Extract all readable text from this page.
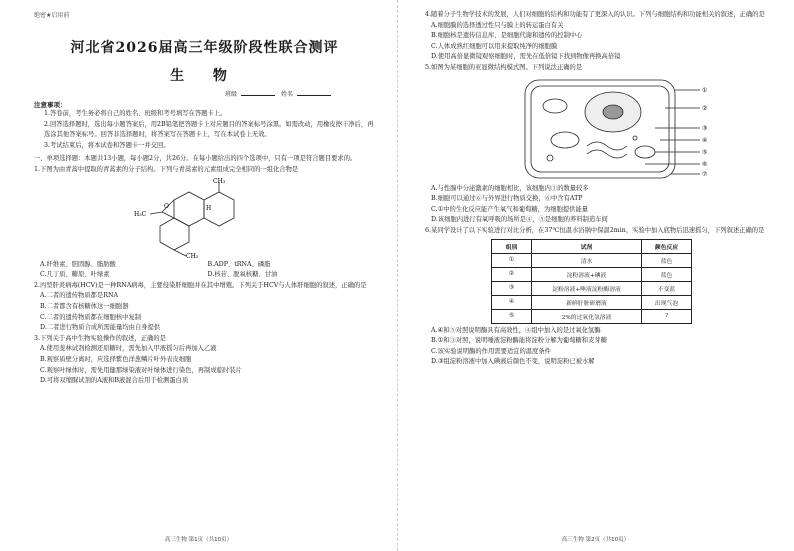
绝密★启用前
河北省2026届高三年级阶段性联合测评
生 物
班级	姓名
注意事项：

1.答卷前，考生务必将自己的姓名、班级和考号填写在答题卡上。

2.回答选择题时，选出每小题答案后，用2B铅笔把答题卡上对应题目的答案标号涂黑。如需改动，用橡皮擦干净后，再选涂其他答案标号。回答非选择题时，将答案写在答题卡上，写在本试卷上无效。

3.考试结束后，将本试卷和答题卡一并交回。

一、单项选择题：本题共13小题，每小题2分，共26分。在每小题给出的四个选项中，只有一项是符合题目要求的。

1.下图为由青蒿中提取的青蒿素的分子结构。下列与青蒿素的元素组成完全相同的一组化合物是

CH₃
H₃C
CH₃
H
O
A.纤维素、胆固醇、脂肪酸	B.ADP、tRNA、磷脂
C.几丁质、糖原、叶绿素	D.核苷、脱氧核糖、甘油

2.丙型肝炎病毒(HCV)是一种RNA病毒，主要侵染肝细胞并在其中增殖。下列关于HCV与人体肝细胞的叙述，正确的是

A.二者的遗传物质都是RNA
B.二者都含有核糖体这一细胞器
C.二者的遗传物质都在细胞核中复制
D.二者进行物质合成所需能量均由自身提供

3.下列关于高中生物实验操作的叙述，正确的是

A.使用斐林试剂检测还原糖时，需先加入甲液摇匀后再加入乙液
B.观察质壁分离时，应选择紫色洋葱鳞片叶外表皮细胞
C.观察叶绿体时，需先用健那绿染液对叶绿体进行染色，再制成临时装片
D.可将双缩脲试剂的A液和B液混合后用于检测蛋白质
高三生物 第1页（共10页）

4.随着分子生物学技术的发展，人们对细胞的结构和功能有了更深入的认识。下列与细胞结构和功能相关的叙述，正确的是

A.细胞膜的选择透过性只与膜上的转运蛋白有关
B.细胞核是遗传信息库，是细胞代谢和遗传的控制中心
C.人体成熟红细胞可以用来提取纯净的细胞膜
D.使用高倍显微镜观察细胞时，需先在低倍镜下找到物像再换高倍镜

5.如图为某细胞的亚显微结构模式图。下列说法正确的是

①
②
③
④
⑤
⑥
⑦
A.与性腺中分泌激素的细胞相比，该细胞内③的数量较多
B.细胞可以通过⑥与外界进行物质交换，⑥中含有ATP
C.①中的生化反应能产生氧气和葡萄糖，为细胞提供能量
D.该细胞内进行有氧呼吸的场所是④，⑤是细胞的养料制造车间

6.某同学设计了以下实验进行对比分析，在37℃恒温水浴锅中保温2min，实验中加入底物后迅速摇匀，下列叙述正确的是

组别	试剂	颜色反应
①	清水	蓝色
②	淀粉溶液+碘液	蓝色
③	淀粉溶液+唾液淀粉酶溶液	不变蓝
④	新鲜肝脏研磨液	出现气泡
⑤	2%的过氧化氢溶液	?
A.④和⑤对照说明酶具有高效性，④组中加入的是过氧化氢酶
B.①和③对照，说明唾液淀粉酶能将淀粉分解为葡萄糖和麦芽糖
C.该实验说明酶的作用需要适宜的温度条件
D.③组淀粉溶液中加入碘液后颜色不变，说明淀粉已被水解
高三生物 第2页（共10页）
